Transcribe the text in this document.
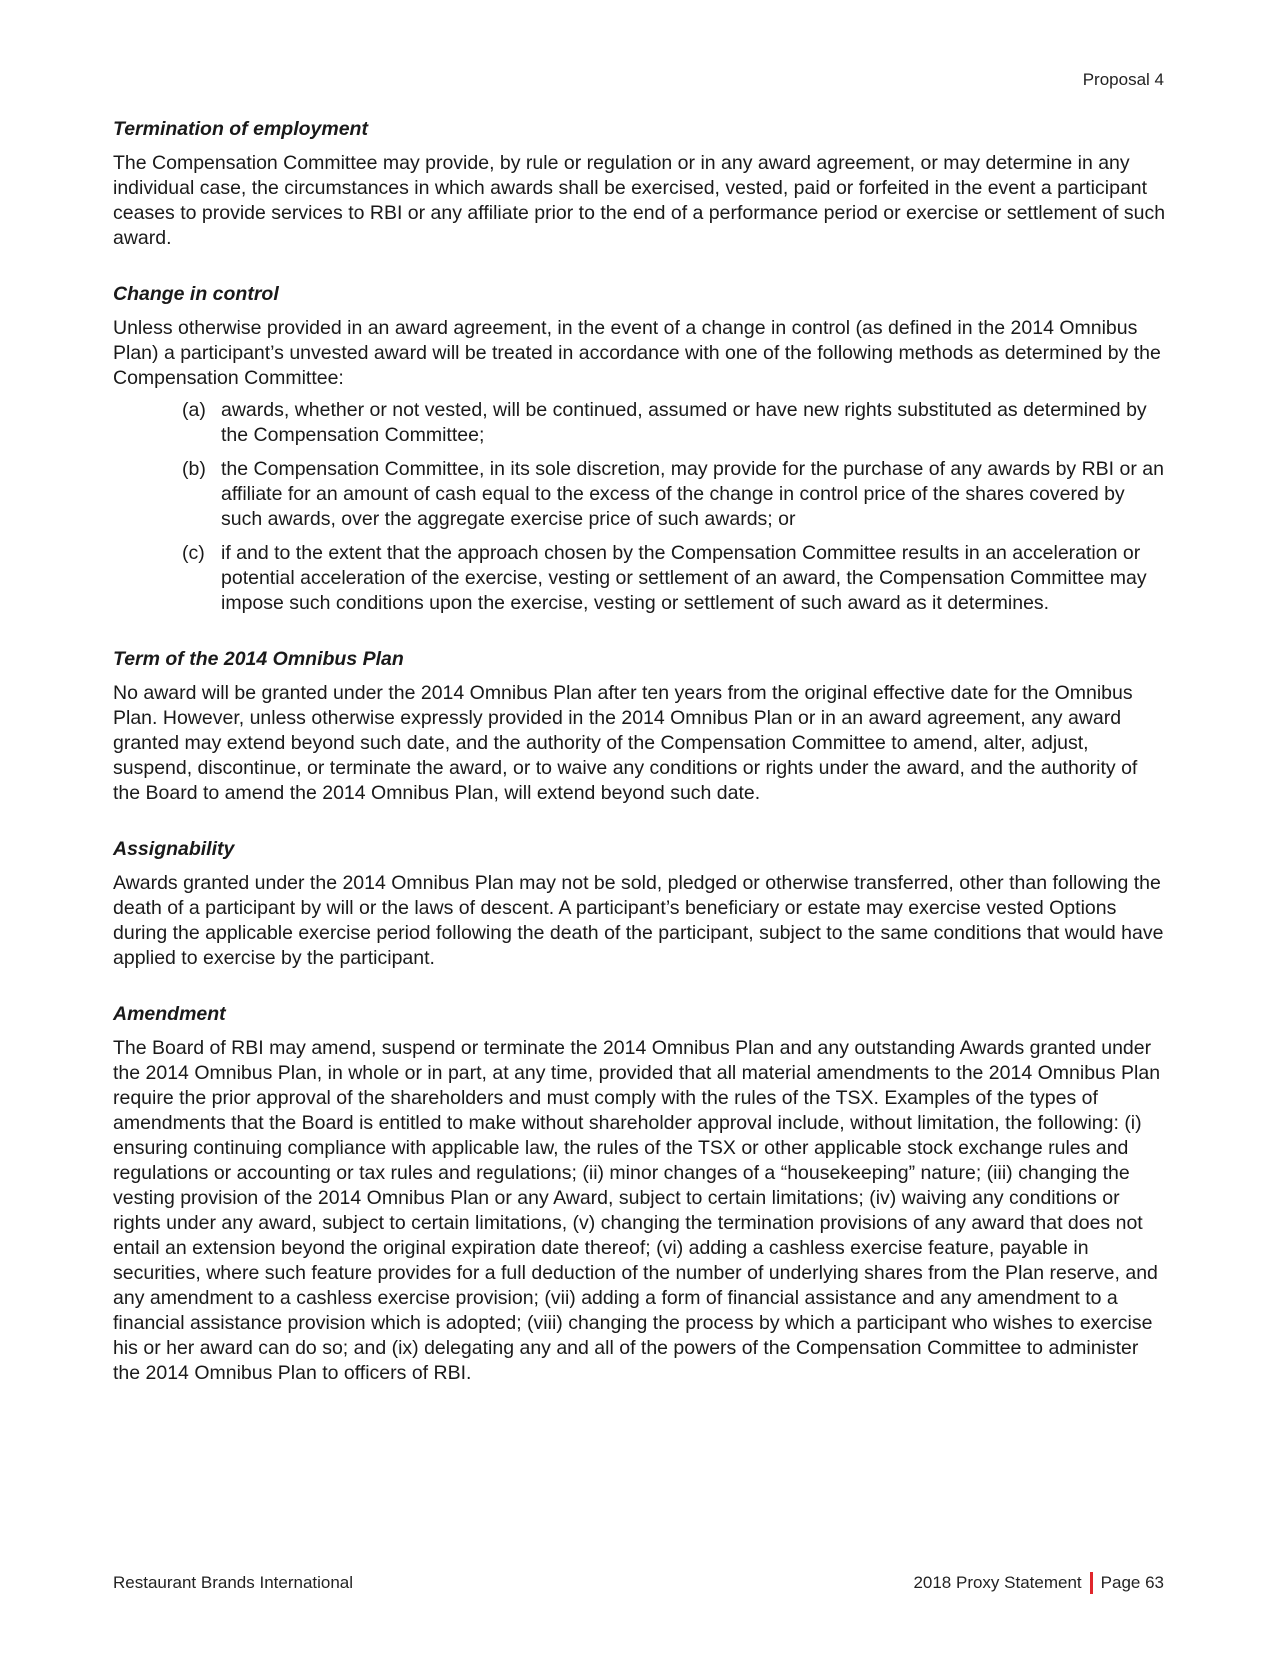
Proposal 4
Termination of employment

The Compensation Committee may provide, by rule or regulation or in any award agreement, or may determine in any individual case, the circumstances in which awards shall be exercised, vested, paid or forfeited in the event a participant ceases to provide services to RBI or any affiliate prior to the end of a performance period or exercise or settlement of such award.

Change in control

Unless otherwise provided in an award agreement, in the event of a change in control (as defined in the 2014 Omnibus Plan) a participant’s unvested award will be treated in accordance with one of the following methods as determined by the Compensation Committee:

(a) awards, whether or not vested, will be continued, assumed or have new rights substituted as determined by the Compensation Committee;
(b) the Compensation Committee, in its sole discretion, may provide for the purchase of any awards by RBI or an affiliate for an amount of cash equal to the excess of the change in control price of the shares covered by such awards, over the aggregate exercise price of such awards; or
(c) if and to the extent that the approach chosen by the Compensation Committee results in an acceleration or potential acceleration of the exercise, vesting or settlement of an award, the Compensation Committee may impose such conditions upon the exercise, vesting or settlement of such award as it determines.
Term of the 2014 Omnibus Plan

No award will be granted under the 2014 Omnibus Plan after ten years from the original effective date for the Omnibus Plan. However, unless otherwise expressly provided in the 2014 Omnibus Plan or in an award agreement, any award granted may extend beyond such date, and the authority of the Compensation Committee to amend, alter, adjust, suspend, discontinue, or terminate the award, or to waive any conditions or rights under the award, and the authority of the Board to amend the 2014 Omnibus Plan, will extend beyond such date.

Assignability

Awards granted under the 2014 Omnibus Plan may not be sold, pledged or otherwise transferred, other than following the death of a participant by will or the laws of descent. A participant’s beneficiary or estate may exercise vested Options during the applicable exercise period following the death of the participant, subject to the same conditions that would have applied to exercise by the participant.

Amendment

The Board of RBI may amend, suspend or terminate the 2014 Omnibus Plan and any outstanding Awards granted under the 2014 Omnibus Plan, in whole or in part, at any time, provided that all material amendments to the 2014 Omnibus Plan require the prior approval of the shareholders and must comply with the rules of the TSX. Examples of the types of amendments that the Board is entitled to make without shareholder approval include, without limitation, the following: (i) ensuring continuing compliance with applicable law, the rules of the TSX or other applicable stock exchange rules and regulations or accounting or tax rules and regulations; (ii) minor changes of a “housekeeping” nature; (iii) changing the vesting provision of the 2014 Omnibus Plan or any Award, subject to certain limitations; (iv) waiving any conditions or rights under any award, subject to certain limitations, (v) changing the termination provisions of any award that does not entail an extension beyond the original expiration date thereof; (vi) adding a cashless exercise feature, payable in securities, where such feature provides for a full deduction of the number of underlying shares from the Plan reserve, and any amendment to a cashless exercise provision; (vii) adding a form of financial assistance and any amendment to a financial assistance provision which is adopted; (viii) changing the process by which a participant who wishes to exercise his or her award can do so; and (ix) delegating any and all of the powers of the Compensation Committee to administer the 2014 Omnibus Plan to officers of RBI.

Restaurant Brands International	2018 Proxy Statement Page 63
